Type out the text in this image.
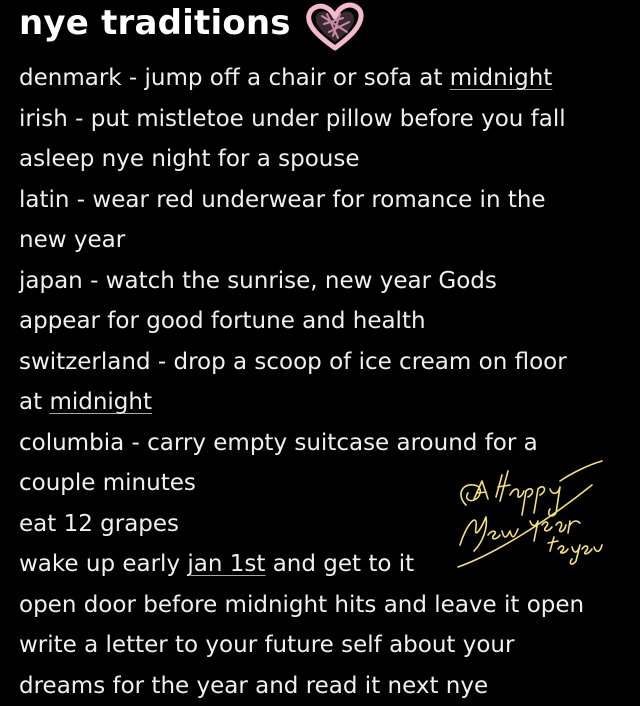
nye traditions
denmark - jump off a chair or sofa at midnight
irish - put mistletoe under pillow before you fall
asleep nye night for a spouse
latin - wear red underwear for romance in the
new year
japan - watch the sunrise, new year Gods
appear for good fortune and health
switzerland - drop a scoop of ice cream on floor
at midnight
columbia - carry empty suitcase around for a
couple minutes
eat 12 grapes
wake up early jan 1st and get to it
open door before midnight hits and leave it open
write a letter to your future self about your
dreams for the year and read it next nye
